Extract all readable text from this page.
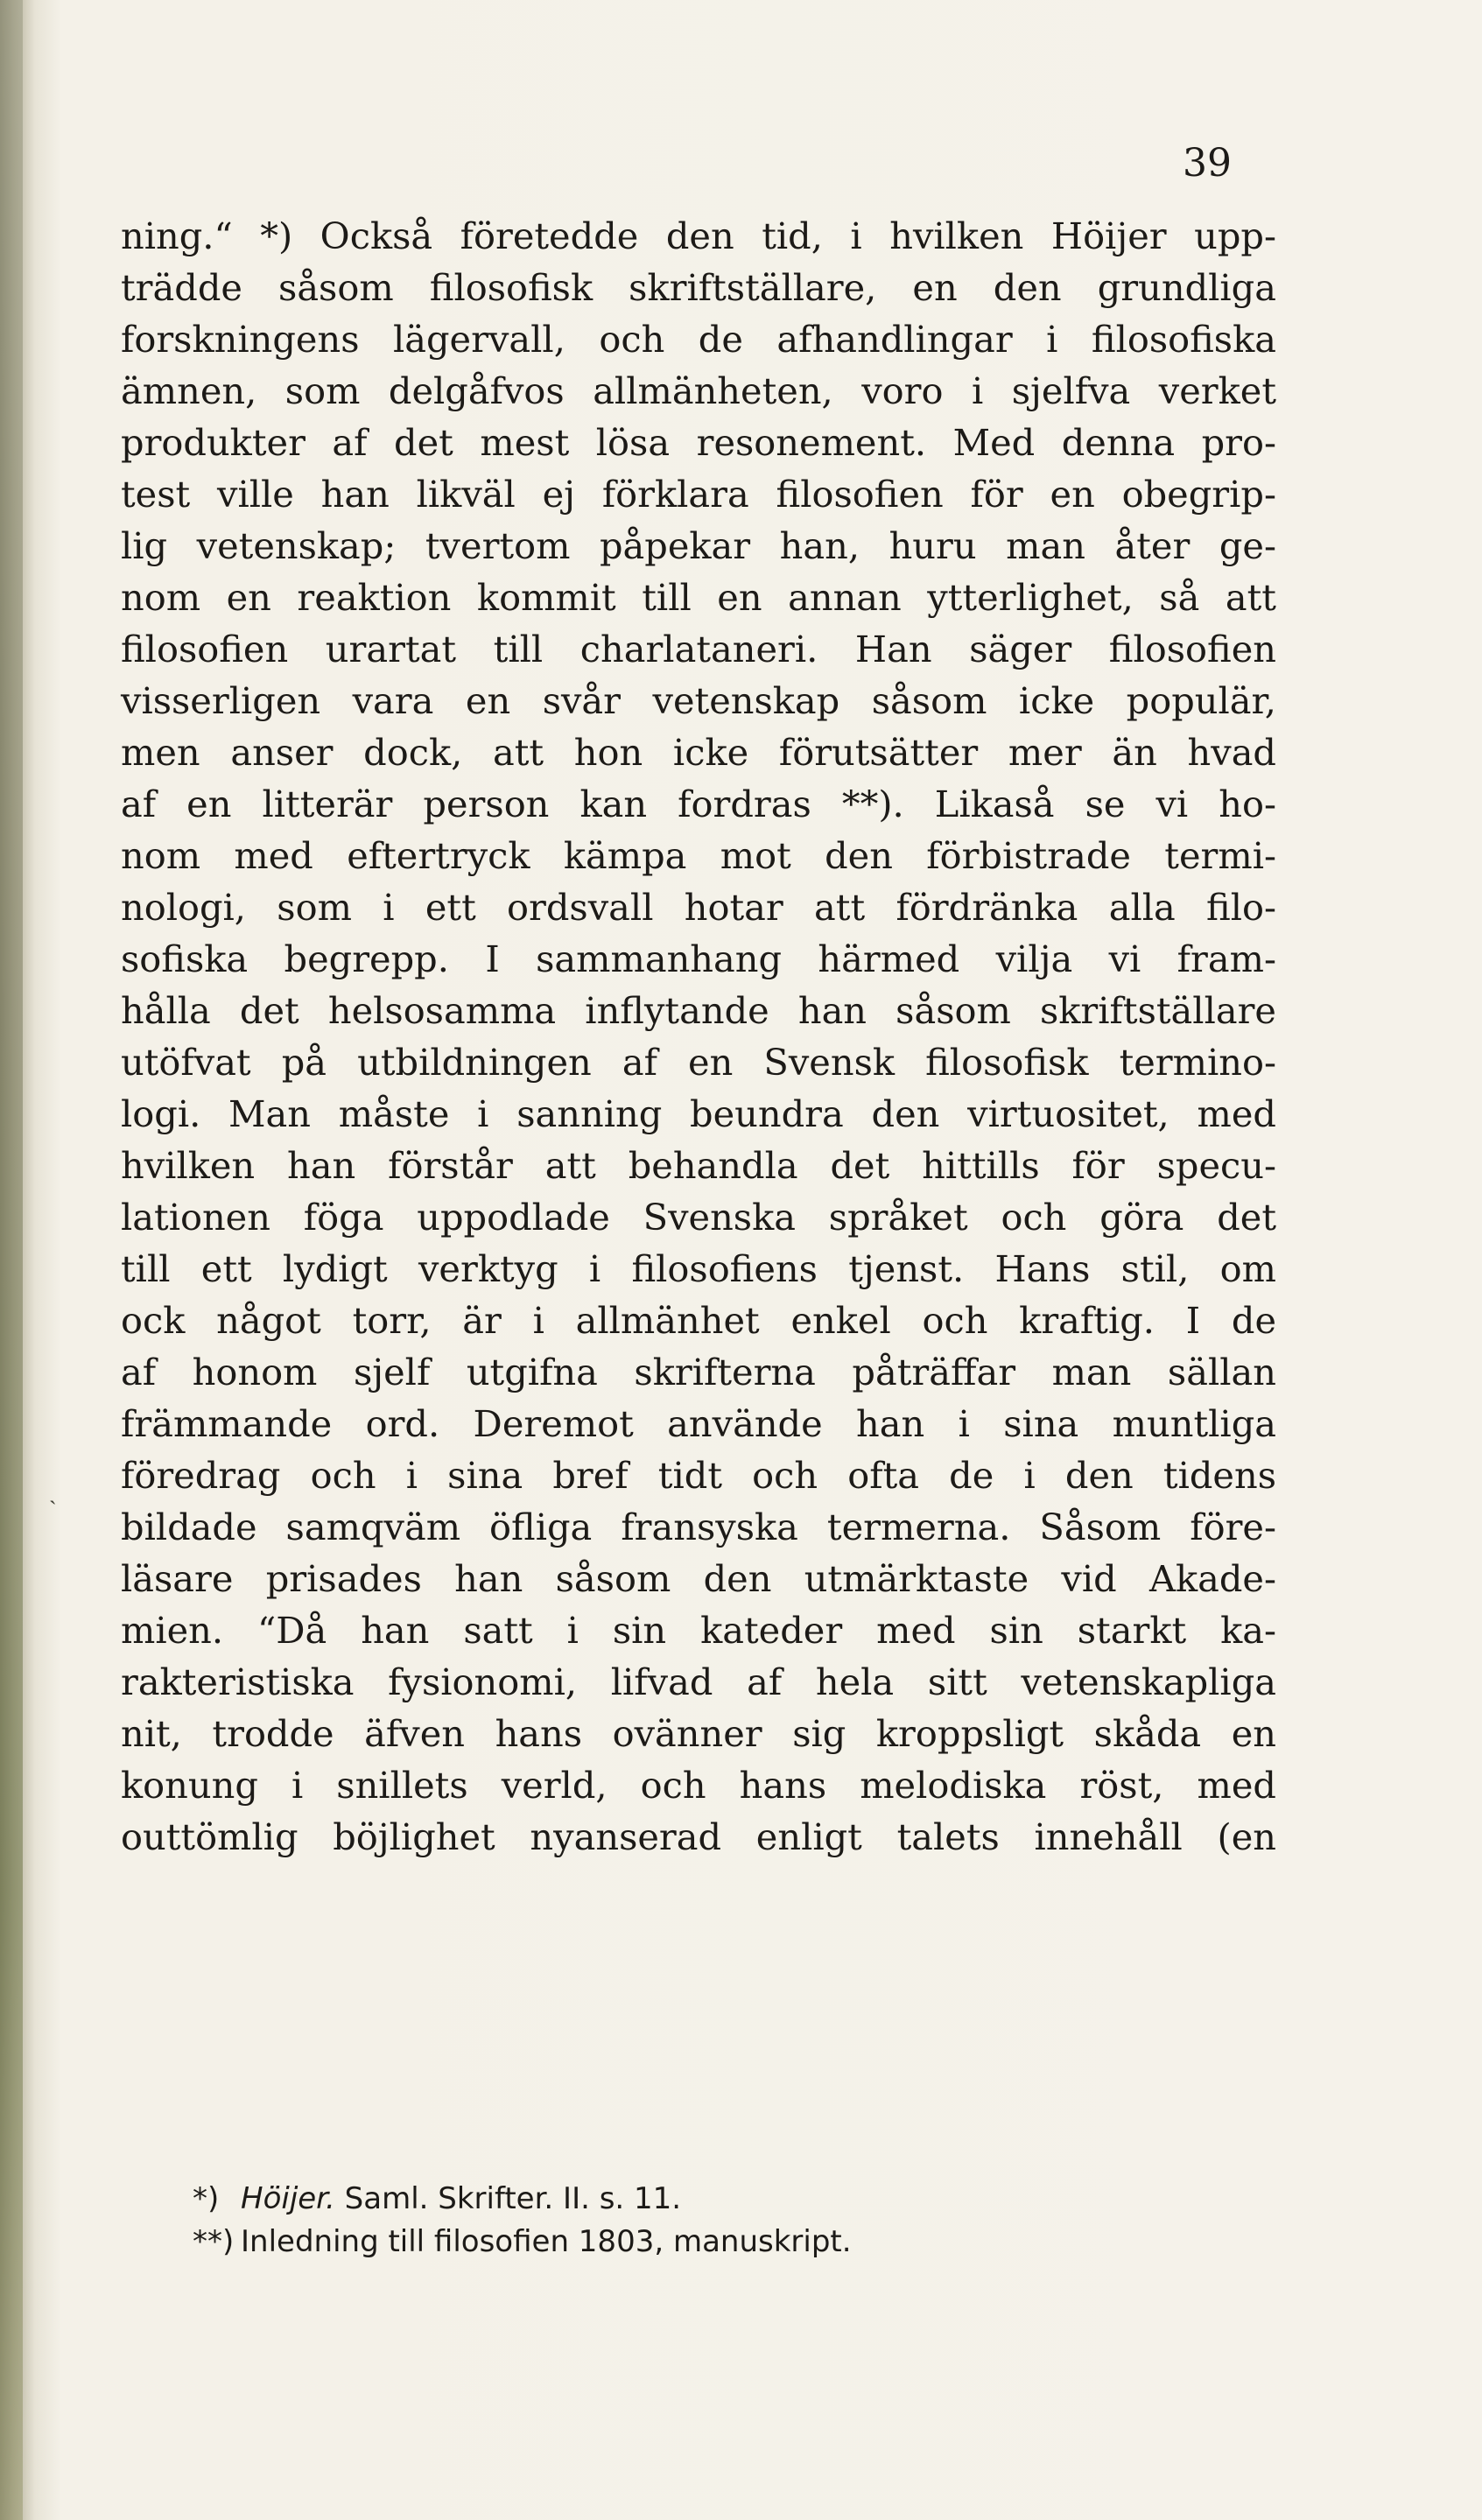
39
ˎ
ning.“ *) Också företedde den tid, i hvilken Höijer upp-
trädde såsom filosofisk skriftställare, en den grundliga
forskningens lägervall, och de afhandlingar i filosofiska
ämnen, som delgåfvos allmänheten, voro i sjelfva verket
produkter af det mest lösa resonement. Med denna pro-
test ville han likväl ej förklara filosofien för en obegrip-
lig vetenskap; tvertom påpekar han, huru man åter ge-
nom en reaktion kommit till en annan ytterlighet, så att
filosofien urartat till charlataneri. Han säger filosofien
visserligen vara en svår vetenskap såsom icke populär,
men anser dock, att hon icke förutsätter mer än hvad
af en litterär person kan fordras **). Likaså se vi ho-
nom med eftertryck kämpa mot den förbistrade termi-
nologi, som i ett ordsvall hotar att fördränka alla filo-
sofiska begrepp. I sammanhang härmed vilja vi fram-
hålla det helsosamma inflytande han såsom skriftställare
utöfvat på utbildningen af en Svensk filosofisk termino-
logi. Man måste i sanning beundra den virtuositet, med
hvilken han förstår att behandla det hittills för specu-
lationen föga uppodlade Svenska språket och göra det
till ett lydigt verktyg i filosofiens tjenst. Hans stil, om
ock något torr, är i allmänhet enkel och kraftig. I de
af honom sjelf utgifna skrifterna påträffar man sällan
främmande ord. Deremot använde han i sina muntliga
föredrag och i sina bref tidt och ofta de i den tidens
bildade samqväm öfliga fransyska termerna. Såsom före-
läsare prisades han såsom den utmärktaste vid Akade-
mien. “Då han satt i sin kateder med sin starkt ka-
rakteristiska fysionomi, lifvad af hela sitt vetenskapliga
nit, trodde äfven hans ovänner sig kroppsligt skåda en
konung i snillets verld, och hans melodiska röst, med
outtömlig böjlighet nyanserad enligt talets innehåll (en
*) Höijer. Saml. Skrifter. II. s. 11.
**) Inledning till filosofien 1803, manuskript.
